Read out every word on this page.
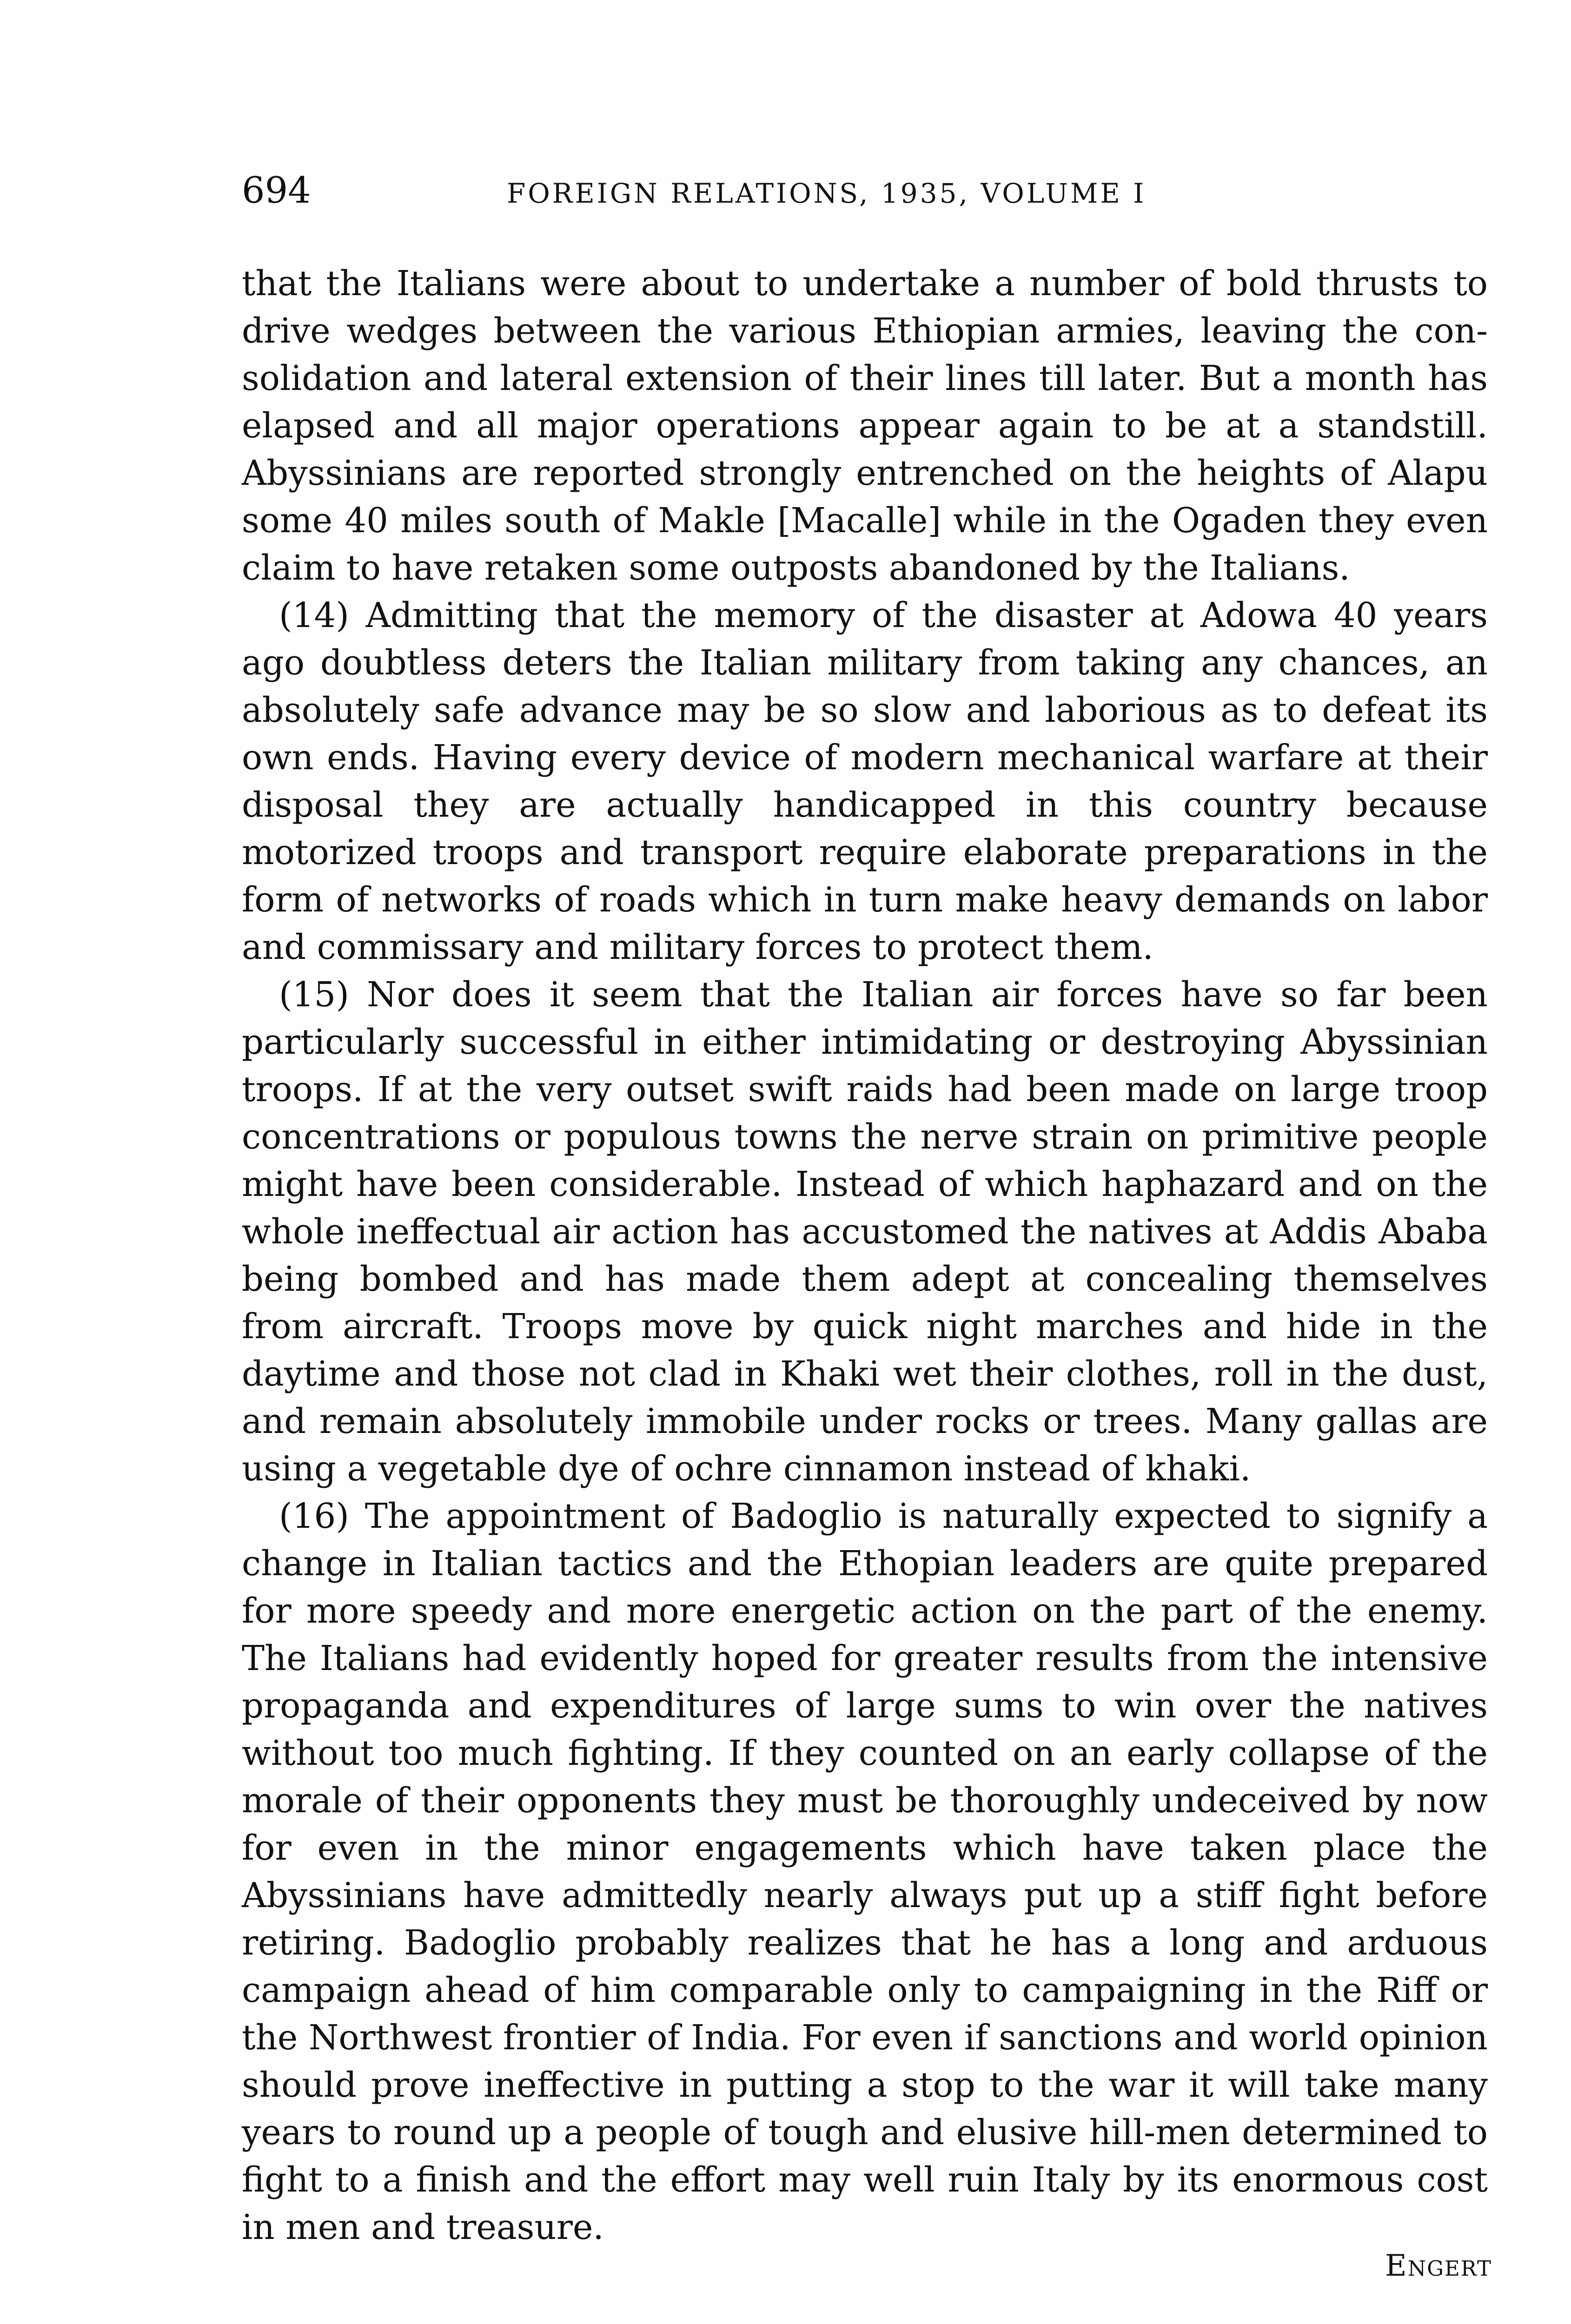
694	FOREIGN RELATIONS, 1935, VOLUME I

that the Italians were about to undertake a number of bold thrusts to drive wedges between the various Ethiopian armies, leaving the consolidation and lateral extension of their lines till later. But a month has elapsed and all major operations appear again to be at a standstill. Abyssinians are reported strongly entrenched on the heights of Alapu some 40 miles south of Makle [Macalle] while in the Ogaden they even claim to have retaken some outposts abandoned by the Italians.

(14) Admitting that the memory of the disaster at Adowa 40 years ago doubtless deters the Italian military from taking any chances, an absolutely safe advance may be so slow and laborious as to defeat its own ends. Having every device of modern mechanical warfare at their disposal they are actually handicapped in this country because motorized troops and transport require elaborate preparations in the form of networks of roads which in turn make heavy demands on labor and commissary and military forces to protect them.

(15) Nor does it seem that the Italian air forces have so far been particularly successful in either intimidating or destroying Abyssinian troops. If at the very outset swift raids had been made on large troop concentrations or populous towns the nerve strain on primitive people might have been considerable. Instead of which haphazard and on the whole ineffectual air action has accustomed the natives at Addis Ababa being bombed and has made them adept at concealing themselves from aircraft. Troops move by quick night marches and hide in the daytime and those not clad in Khaki wet their clothes, roll in the dust, and remain absolutely immobile under rocks or trees. Many gallas are using a vegetable dye of ochre cinnamon instead of khaki.

(16) The appointment of Badoglio is naturally expected to signify a change in Italian tactics and the Ethopian leaders are quite prepared for more speedy and more energetic action on the part of the enemy. The Italians had evidently hoped for greater results from the intensive propaganda and expenditures of large sums to win over the natives without too much fighting. If they counted on an early collapse of the morale of their opponents they must be thoroughly undeceived by now for even in the minor engagements which have taken place the Abyssinians have admittedly nearly always put up a stiff fight before retiring. Badoglio probably realizes that he has a long and arduous campaign ahead of him comparable only to campaigning in the Riff or the Northwest frontier of India. For even if sanctions and world opinion should prove ineffective in putting a stop to the war it will take many years to round up a people of tough and elusive hill-men determined to fight to a finish and the effort may well ruin Italy by its enormous cost in men and treasure.

Engert
